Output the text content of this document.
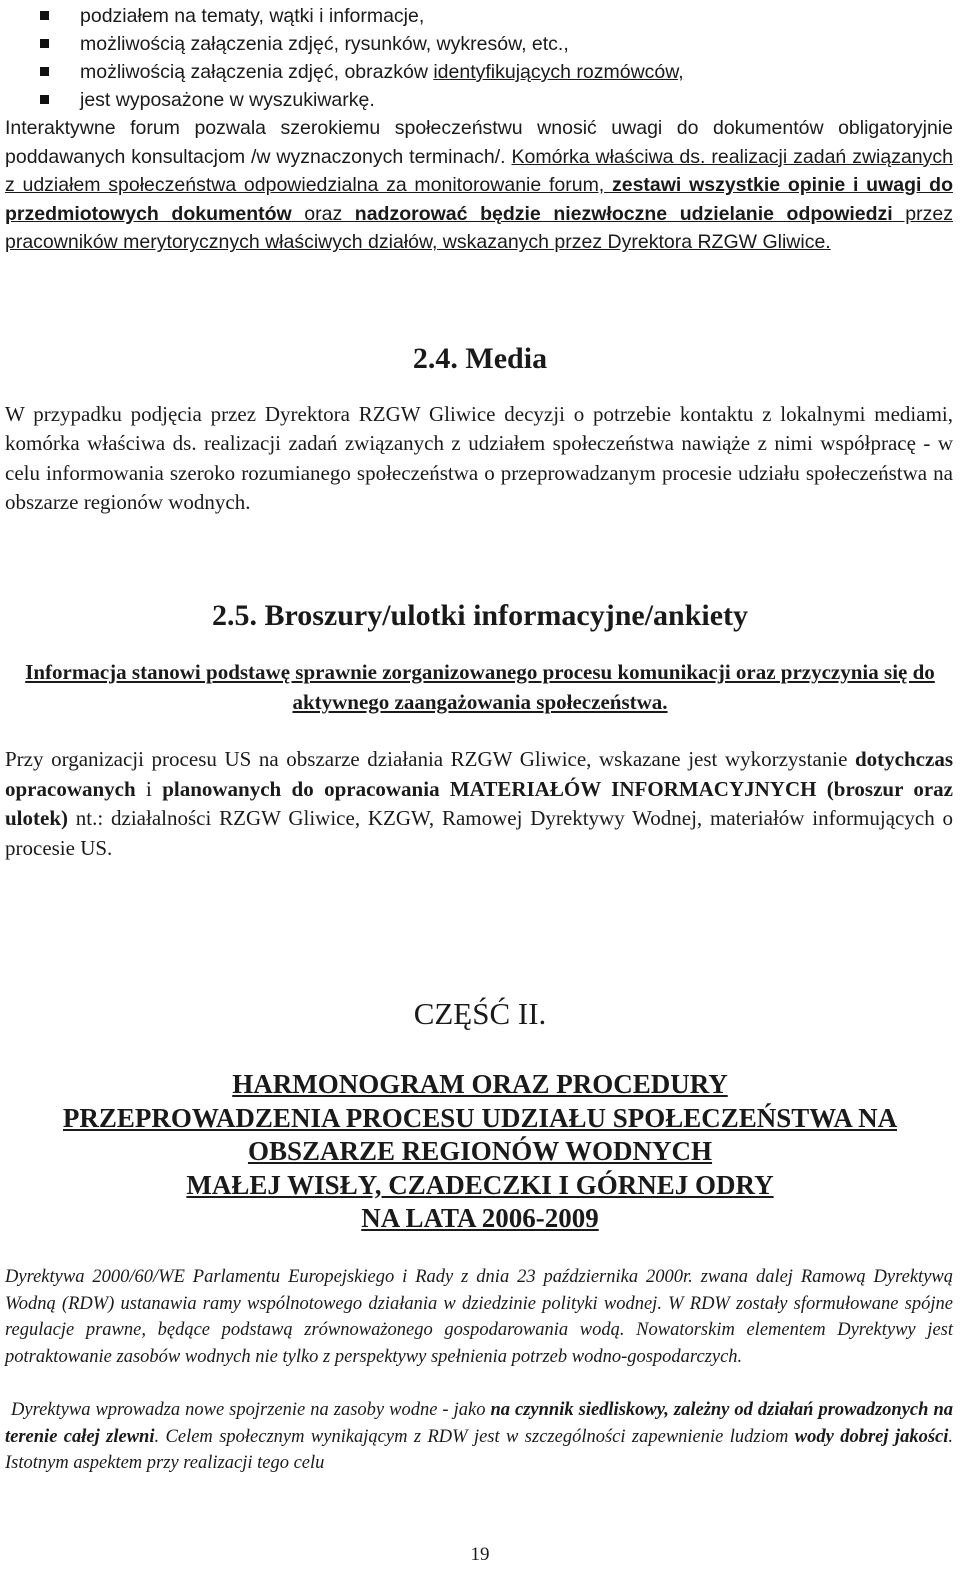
podziałem na tematy, wątki i informacje,
możliwością załączenia zdjęć, rysunków, wykresów, etc.,
możliwością załączenia zdjęć, obrazków identyfikujących rozmówców,
jest wyposażone w wyszukiwarkę.
Interaktywne forum pozwala szerokiemu społeczeństwu wnosić uwagi do dokumentów obligatoryjnie poddawanych konsultacjom /w wyznaczonych terminach/. Komórka właściwa ds. realizacji zadań związanych z udziałem społeczeństwa odpowiedzialna za monitorowanie forum, zestawi wszystkie opinie i uwagi do przedmiotowych dokumentów oraz nadzorować będzie niezwłoczne udzielanie odpowiedzi przez pracowników merytorycznych właściwych działów, wskazanych przez Dyrektora RZGW Gliwice.
2.4. Media
W przypadku podjęcia przez Dyrektora RZGW Gliwice decyzji o potrzebie kontaktu z lokalnymi mediami, komórka właściwa ds. realizacji zadań związanych z udziałem społeczeństwa nawiąże z nimi współpracę - w celu informowania szeroko rozumianego społeczeństwa o przeprowadzanym procesie udziału społeczeństwa na obszarze regionów wodnych.
2.5. Broszury/ulotki informacyjne/ankiety
Informacja stanowi podstawę sprawnie zorganizowanego procesu komunikacji oraz przyczynia się do aktywnego zaangażowania społeczeństwa.
Przy organizacji procesu US na obszarze działania RZGW Gliwice, wskazane jest wykorzystanie dotychczas opracowanych i planowanych do opracowania MATERIAŁÓW INFORMACYJNYCH (broszur oraz ulotek) nt.: działalności RZGW Gliwice, KZGW, Ramowej Dyrektywy Wodnej, materiałów informujących o procesie US.
CZĘŚĆ II.
HARMONOGRAM ORAZ PROCEDURY
PRZEPROWADZENIA PROCESU UDZIAŁU SPOŁECZEŃSTWA NA
OBSZARZE REGIONÓW WODNYCH
MAŁEJ WISŁY, CZADECZKI I GÓRNEJ ODRY
NA LATA 2006-2009
Dyrektywa 2000/60/WE Parlamentu Europejskiego i Rady z dnia 23 października 2000r. zwana dalej Ramową Dyrektywą Wodną (RDW) ustanawia ramy wspólnotowego działania w dziedzinie polityki wodnej. W RDW zostały sformułowane spójne regulacje prawne, będące podstawą zrównoważonego gospodarowania wodą. Nowatorskim elementem Dyrektywy jest potraktowanie zasobów wodnych nie tylko z perspektywy spełnienia potrzeb wodno-gospodarczych.
Dyrektywa wprowadza nowe spojrzenie na zasoby wodne - jako na czynnik siedliskowy, zależny od działań prowadzonych na terenie całej zlewni. Celem społecznym wynikającym z RDW jest w szczególności zapewnienie ludziom wody dobrej jakości. Istotnym aspektem przy realizacji tego celu
19
